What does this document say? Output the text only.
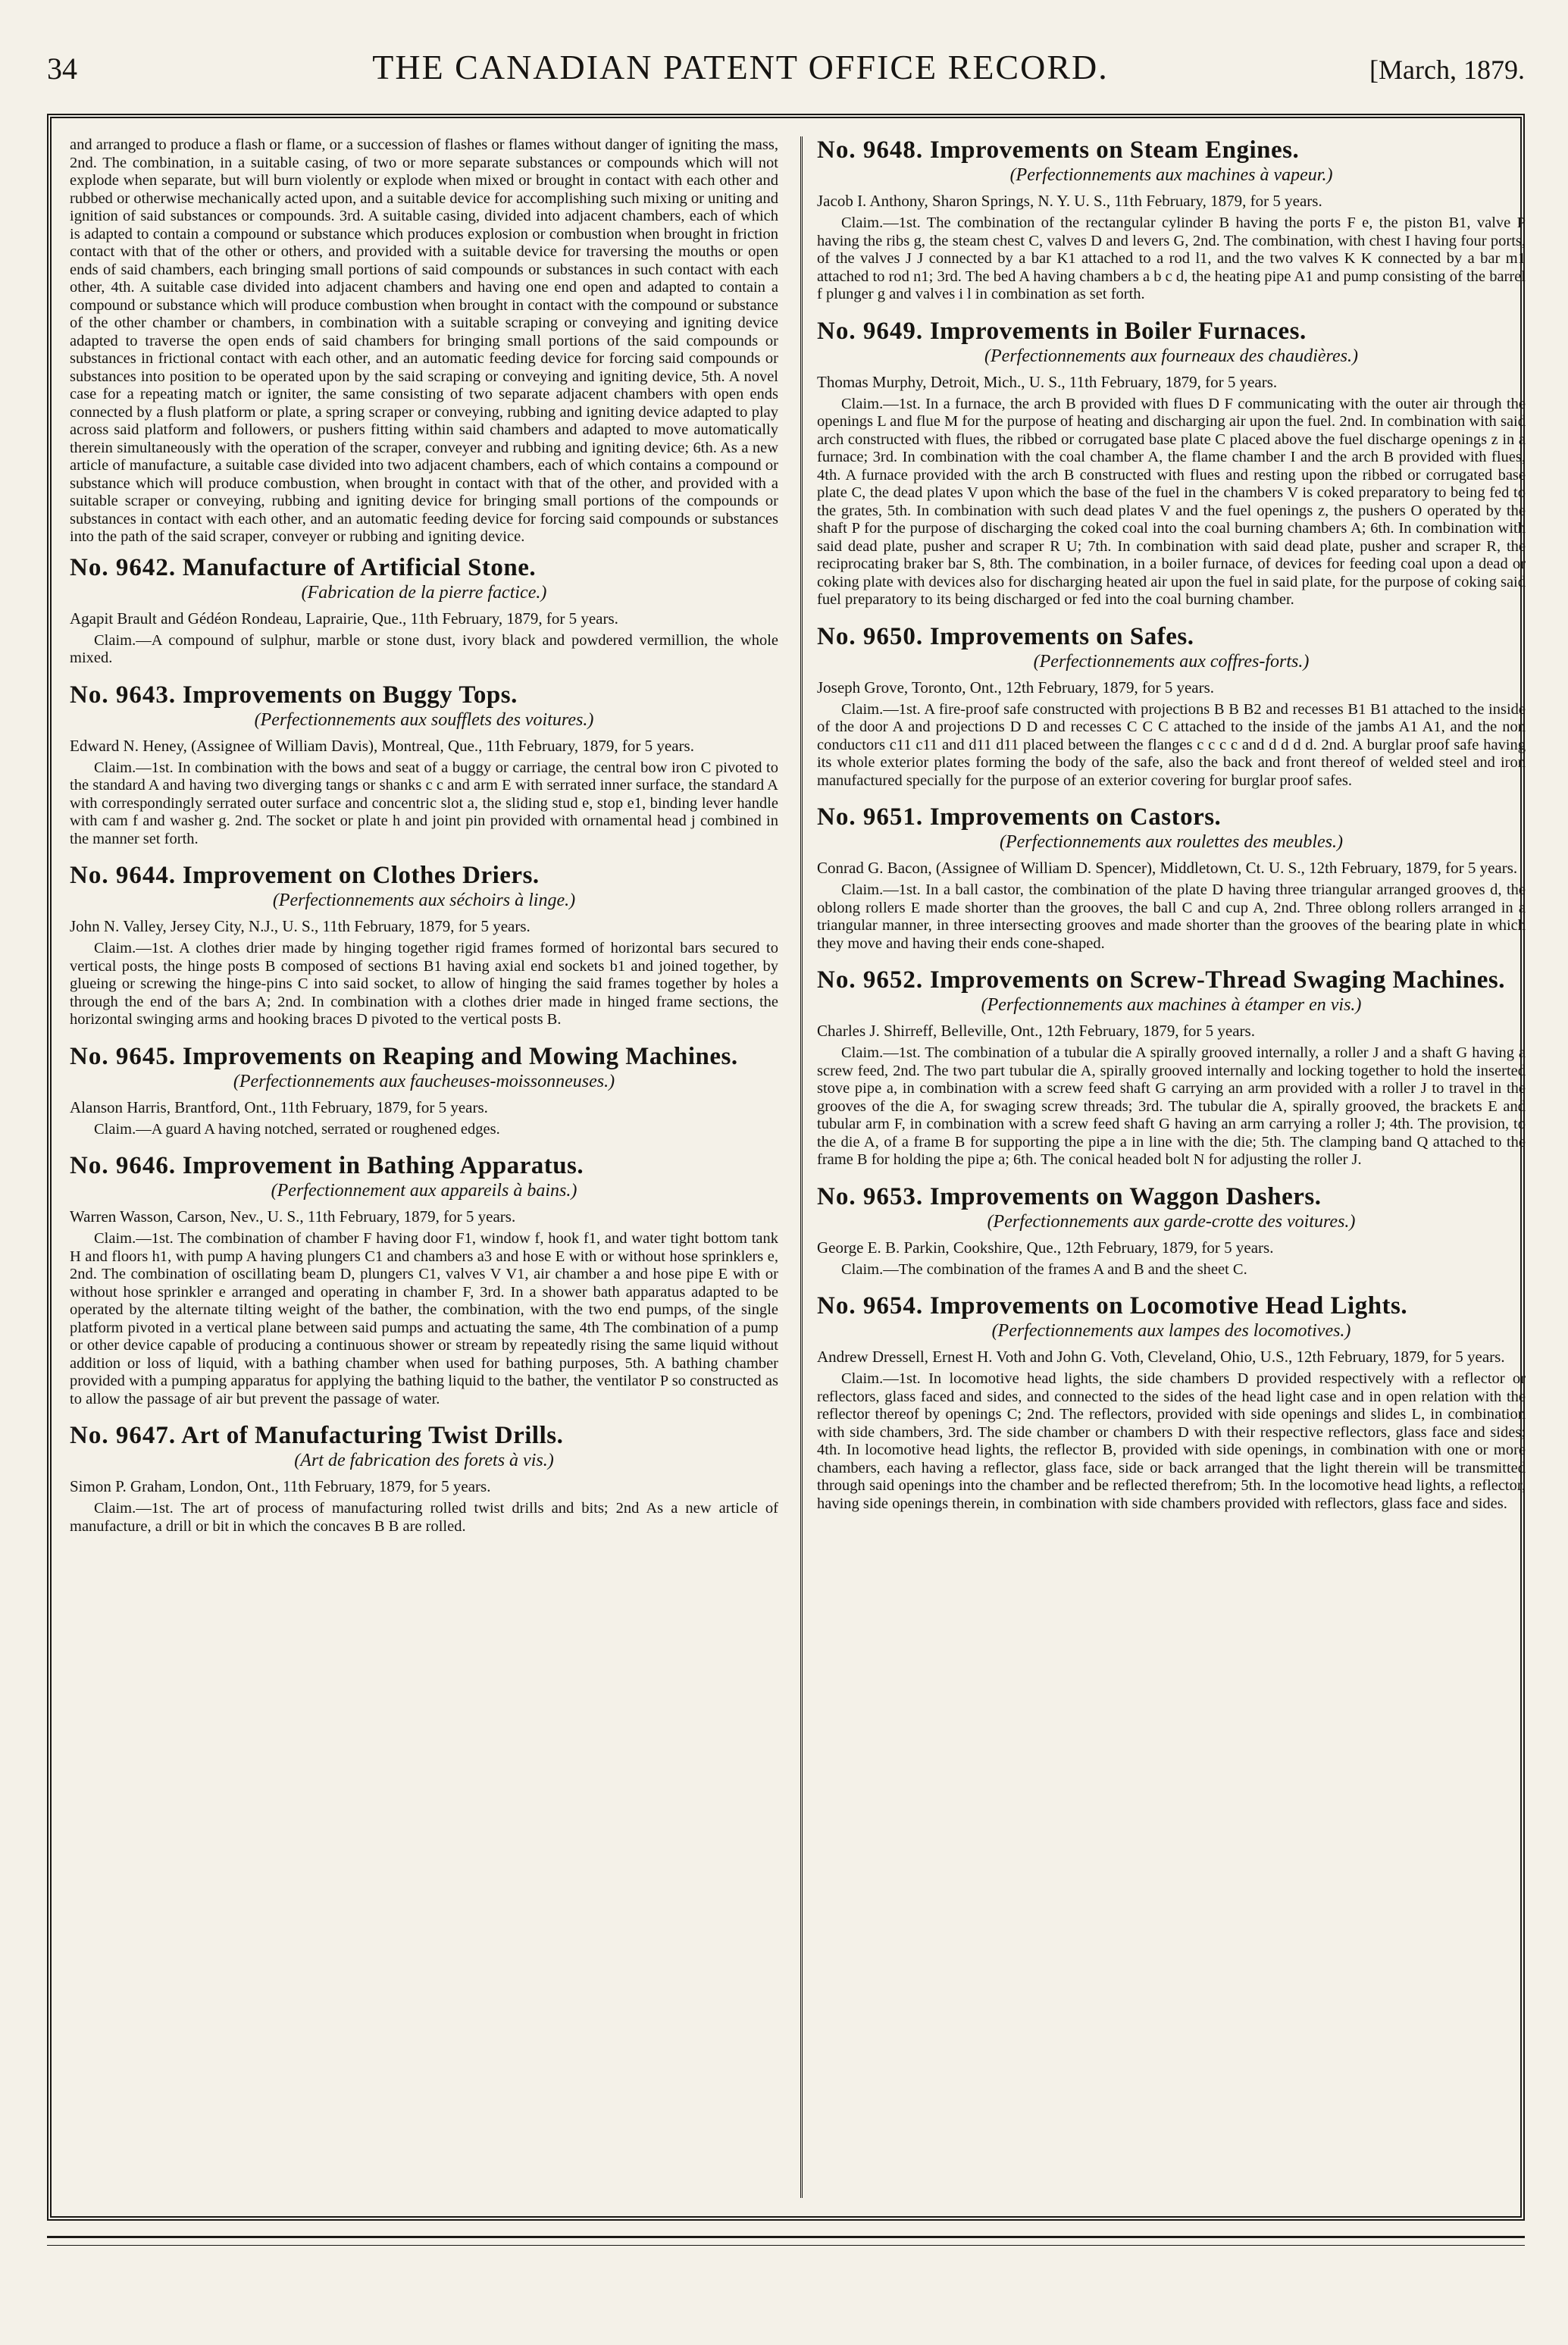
34	THE CANADIAN PATENT OFFICE RECORD.	[March, 1879.

and arranged to produce a flash or flame, or a succession of flashes or flames without danger of igniting the mass, 2nd. The combination, in a suitable casing, of two or more separate substances or compounds which will not explode when separate, but will burn violently or explode when mixed or brought in contact with each other and rubbed or otherwise mechanically acted upon, and a suitable device for accomplishing such mixing or uniting and ignition of said substances or compounds. 3rd. A suitable casing, divided into adjacent chambers, each of which is adapted to contain a compound or substance which produces explosion or combustion when brought in friction contact with that of the other or others, and provided with a suitable device for traversing the mouths or open ends of said chambers, each bringing small portions of said compounds or substances in such contact with each other, 4th. A suitable case divided into adjacent chambers and having one end open and adapted to contain a compound or substance which will produce combustion when brought in contact with the compound or substance of the other chamber or chambers, in combination with a suitable scraping or conveying and igniting device adapted to traverse the open ends of said chambers for bringing small portions of the said compounds or substances in frictional contact with each other, and an automatic feeding device for forcing said compounds or substances into position to be operated upon by the said scraping or conveying and igniting device, 5th. A novel case for a repeating match or igniter, the same consisting of two separate adjacent chambers with open ends connected by a flush platform or plate, a spring scraper or conveying, rubbing and igniting device adapted to play across said platform and followers, or pushers fitting within said chambers and adapted to move automatically therein simultaneously with the operation of the scraper, conveyer and rubbing and igniting device; 6th. As a new article of manufacture, a suitable case divided into two adjacent chambers, each of which contains a compound or substance which will produce combustion, when brought in contact with that of the other, and provided with a suitable scraper or conveying, rubbing and igniting device for bringing small portions of the compounds or substances in contact with each other, and an automatic feeding device for forcing said compounds or substances into the path of the said scraper, conveyer or rubbing and igniting device.

No. 9642. Manufacture of Artificial Stone.
(Fabrication de la pierre factice.)

Agapit Brault and Gédéon Rondeau, Laprairie, Que., 11th February, 1879, for 5 years.

Claim.—A compound of sulphur, marble or stone dust, ivory black and powdered vermillion, the whole mixed.

No. 9643. Improvements on Buggy Tops.
(Perfectionnements aux soufflets des voitures.)

Edward N. Heney, (Assignee of William Davis), Montreal, Que., 11th February, 1879, for 5 years.

Claim.—1st. In combination with the bows and seat of a buggy or carriage, the central bow iron C pivoted to the standard A and having two diverging tangs or shanks c c and arm E with serrated inner surface, the standard A with correspondingly serrated outer surface and concentric slot a, the sliding stud e, stop e1, binding lever handle with cam f and washer g. 2nd. The socket or plate h and joint pin provided with ornamental head j combined in the manner set forth.

No. 9644. Improvement on Clothes Driers.
(Perfectionnements aux séchoirs à linge.)

John N. Valley, Jersey City, N.J., U. S., 11th February, 1879, for 5 years.

Claim.—1st. A clothes drier made by hinging together rigid frames formed of horizontal bars secured to vertical posts, the hinge posts B composed of sections B1 having axial end sockets b1 and joined together, by glueing or screwing the hinge-pins C into said socket, to allow of hinging the said frames together by holes a through the end of the bars A; 2nd. In combination with a clothes drier made in hinged frame sections, the horizontal swinging arms and hooking braces D pivoted to the vertical posts B.

No. 9645. Improvements on Reaping and Mowing Machines.
(Perfectionnements aux faucheuses-moissonneuses.)

Alanson Harris, Brantford, Ont., 11th February, 1879, for 5 years.

Claim.—A guard A having notched, serrated or roughened edges.

No. 9646. Improvement in Bathing Apparatus.
(Perfectionnement aux appareils à bains.)

Warren Wasson, Carson, Nev., U. S., 11th February, 1879, for 5 years.

Claim.—1st. The combination of chamber F having door F1, window f, hook f1, and water tight bottom tank H and floors h1, with pump A having plungers C1 and chambers a3 and hose E with or without hose sprinklers e, 2nd. The combination of oscillating beam D, plungers C1, valves V V1, air chamber a and hose pipe E with or without hose sprinkler e arranged and operating in chamber F, 3rd. In a shower bath apparatus adapted to be operated by the alternate tilting weight of the bather, the combination, with the two end pumps, of the single platform pivoted in a vertical plane between said pumps and actuating the same, 4th The combination of a pump or other device capable of producing a continuous shower or stream by repeatedly rising the same liquid without addition or loss of liquid, with a bathing chamber when used for bathing purposes, 5th. A bathing chamber provided with a pumping apparatus for applying the bathing liquid to the bather, the ventilator P so constructed as to allow the passage of air but prevent the passage of water.

No. 9647. Art of Manufacturing Twist Drills.
(Art de fabrication des forets à vis.)

Simon P. Graham, London, Ont., 11th February, 1879, for 5 years.

Claim.—1st. The art of process of manufacturing rolled twist drills and bits; 2nd As a new article of manufacture, a drill or bit in which the concaves B B are rolled.

No. 9648. Improvements on Steam Engines.
(Perfectionnements aux machines à vapeur.)

Jacob I. Anthony, Sharon Springs, N. Y. U. S., 11th February, 1879, for 5 years.

Claim.—1st. The combination of the rectangular cylinder B having the ports F e, the piston B1, valve P having the ribs g, the steam chest C, valves D and levers G, 2nd. The combination, with chest I having four ports, of the valves J J connected by a bar K1 attached to a rod l1, and the two valves K K connected by a bar m1 attached to rod n1; 3rd. The bed A having chambers a b c d, the heating pipe A1 and pump consisting of the barrel f plunger g and valves i l in combination as set forth.

No. 9649. Improvements in Boiler Furnaces.
(Perfectionnements aux fourneaux des chaudières.)

Thomas Murphy, Detroit, Mich., U. S., 11th February, 1879, for 5 years.

Claim.—1st. In a furnace, the arch B provided with flues D F communicating with the outer air through the openings L and flue M for the purpose of heating and discharging air upon the fuel. 2nd. In combination with said arch constructed with flues, the ribbed or corrugated base plate C placed above the fuel discharge openings z in a furnace; 3rd. In combination with the coal chamber A, the flame chamber I and the arch B provided with flues, 4th. A furnace provided with the arch B constructed with flues and resting upon the ribbed or corrugated base plate C, the dead plates V upon which the base of the fuel in the chambers V is coked preparatory to being fed to the grates, 5th. In combination with such dead plates V and the fuel openings z, the pushers O operated by the shaft P for the purpose of discharging the coked coal into the coal burning chambers A; 6th. In combination with said dead plate, pusher and scraper R U; 7th. In combination with said dead plate, pusher and scraper R, the reciprocating braker bar S, 8th. The combination, in a boiler furnace, of devices for feeding coal upon a dead or coking plate with devices also for discharging heated air upon the fuel in said plate, for the purpose of coking said fuel preparatory to its being discharged or fed into the coal burning chamber.

No. 9650. Improvements on Safes.
(Perfectionnements aux coffres-forts.)

Joseph Grove, Toronto, Ont., 12th February, 1879, for 5 years.

Claim.—1st. A fire-proof safe constructed with projections B B B2 and recesses B1 B1 attached to the inside of the door A and projections D D and recesses C C C attached to the inside of the jambs A1 A1, and the non conductors c11 c11 and d11 d11 placed between the flanges c c c c and d d d d. 2nd. A burglar proof safe having its whole exterior plates forming the body of the safe, also the back and front thereof of welded steel and iron manufactured specially for the purpose of an exterior covering for burglar proof safes.

No. 9651. Improvements on Castors.
(Perfectionnements aux roulettes des meubles.)

Conrad G. Bacon, (Assignee of William D. Spencer), Middletown, Ct. U. S., 12th February, 1879, for 5 years.

Claim.—1st. In a ball castor, the combination of the plate D having three triangular arranged grooves d, the oblong rollers E made shorter than the grooves, the ball C and cup A, 2nd. Three oblong rollers arranged in a triangular manner, in three intersecting grooves and made shorter than the grooves of the bearing plate in which they move and having their ends cone-shaped.

No. 9652. Improvements on Screw-Thread Swaging Machines.
(Perfectionnements aux machines à étamper en vis.)

Charles J. Shirreff, Belleville, Ont., 12th February, 1879, for 5 years.

Claim.—1st. The combination of a tubular die A spirally grooved internally, a roller J and a shaft G having a screw feed, 2nd. The two part tubular die A, spirally grooved internally and locking together to hold the inserted stove pipe a, in combination with a screw feed shaft G carrying an arm provided with a roller J to travel in the grooves of the die A, for swaging screw threads; 3rd. The tubular die A, spirally grooved, the brackets E and tubular arm F, in combination with a screw feed shaft G having an arm carrying a roller J; 4th. The provision, to the die A, of a frame B for supporting the pipe a in line with the die; 5th. The clamping band Q attached to the frame B for holding the pipe a; 6th. The conical headed bolt N for adjusting the roller J.

No. 9653. Improvements on Waggon Dashers.
(Perfectionnements aux garde-crotte des voitures.)

George E. B. Parkin, Cookshire, Que., 12th February, 1879, for 5 years.

Claim.—The combination of the frames A and B and the sheet C.

No. 9654. Improvements on Locomotive Head Lights.
(Perfectionnements aux lampes des locomotives.)

Andrew Dressell, Ernest H. Voth and John G. Voth, Cleveland, Ohio, U.S., 12th February, 1879, for 5 years.

Claim.—1st. In locomotive head lights, the side chambers D provided respectively with a reflector or reflectors, glass faced and sides, and connected to the sides of the head light case and in open relation with the reflector thereof by openings C; 2nd. The reflectors, provided with side openings and slides L, in combination with side chambers, 3rd. The side chamber or chambers D with their respective reflectors, glass face and sides; 4th. In locomotive head lights, the reflector B, provided with side openings, in combination with one or more chambers, each having a reflector, glass face, side or back arranged that the light therein will be transmitted through said openings into the chamber and be reflected therefrom; 5th. In the locomotive head lights, a reflector, having side openings therein, in combination with side chambers provided with reflectors, glass face and sides.
